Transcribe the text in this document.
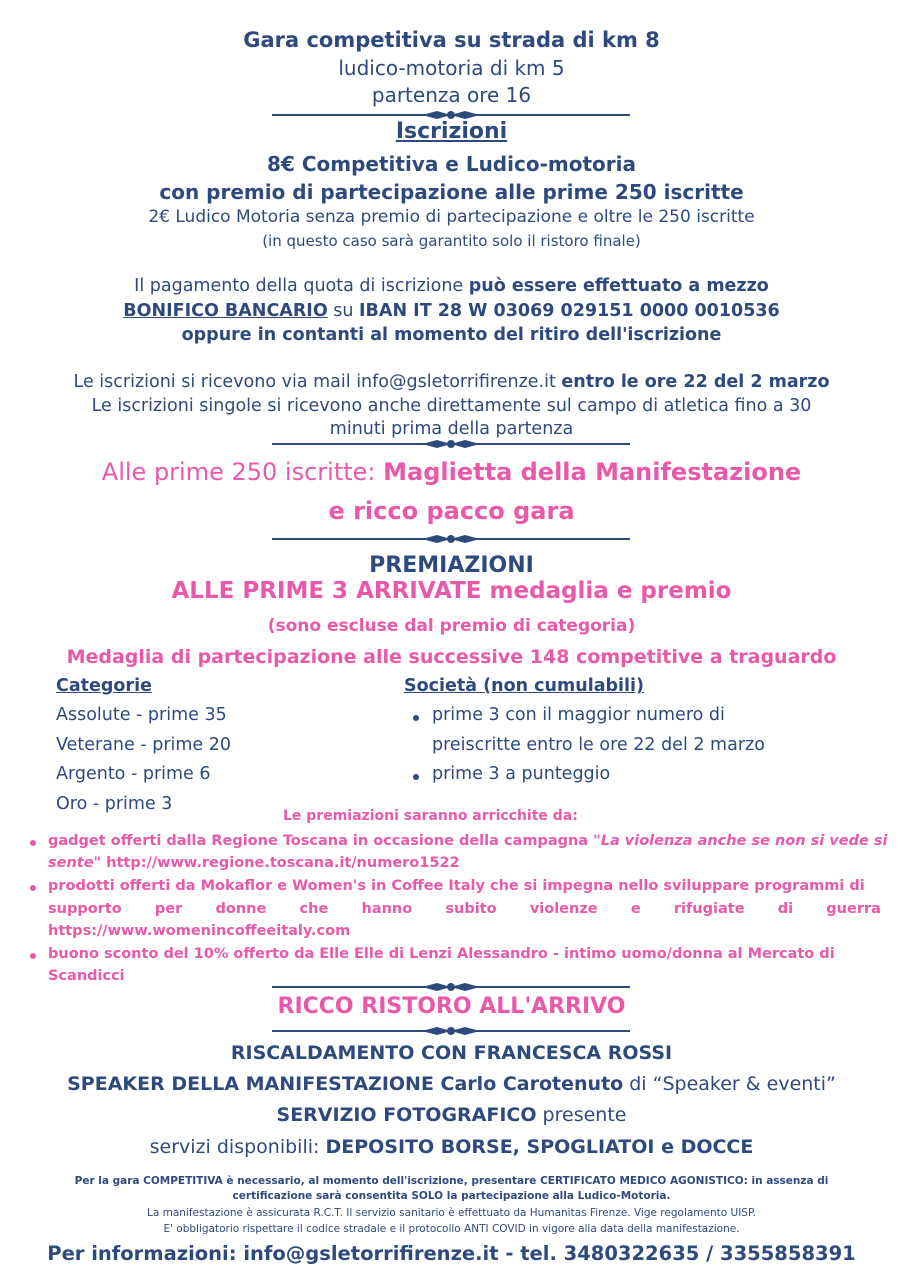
Gara competitiva su strada di km 8
ludico-motoria di km 5
partenza ore 16
Iscrizioni
8€ Competitiva e Ludico-motoria
con premio di partecipazione alle prime 250 iscritte
2€ Ludico Motoria senza premio di partecipazione e oltre le 250 iscritte
(in questo caso sarà garantito solo il ristoro finale)
Il pagamento della quota di iscrizione può essere effettuato a mezzo
BONIFICO BANCARIO su IBAN IT 28 W 03069 029151 0000 0010536
oppure in contanti al momento del ritiro dell'iscrizione
Le iscrizioni si ricevono via mail info@gsletorrifirenze.it entro le ore 22 del 2 marzo
Le iscrizioni singole si ricevono anche direttamente sul campo di atletica fino a 30
minuti prima della partenza
Alle prime 250 iscritte: Maglietta della Manifestazione
e ricco pacco gara
PREMIAZIONI
ALLE PRIME 3 ARRIVATE medaglia e premio
(sono escluse dal premio di categoria)
Medaglia di partecipazione alle successive 148 competitive a traguardo
Categorie
Assolute - prime 35
Veterane - prime 20
Argento - prime 6
Oro - prime 3
Società (non cumulabili)
prime 3 con il maggior numero di
preiscritte entro le ore 22 del 2 marzo
prime 3 a punteggio
Le premiazioni saranno arricchite da:
gadget offerti dalla Regione Toscana in occasione della campagna "La violenza anche se non si vede si
sente" http://www.regione.toscana.it/numero1522
prodotti offerti da Mokaflor e Women's in Coffee Italy che si impegna nello sviluppare programmi di
supporto per donne che hanno subito violenze e rifugiate di guerra
https://www.womenincoffeeitaly.com
buono sconto del 10% offerto da Elle Elle di Lenzi Alessandro - intimo uomo/donna al Mercato di
Scandicci
RICCO RISTORO ALL'ARRIVO
RISCALDAMENTO CON FRANCESCA ROSSI
SPEAKER DELLA MANIFESTAZIONE Carlo Carotenuto di “Speaker & eventi”
SERVIZIO FOTOGRAFICO presente
servizi disponibili: DEPOSITO BORSE, SPOGLIATOI e DOCCE
Per la gara COMPETITIVA è necessario, al momento dell'iscrizione, presentare CERTIFICATO MEDICO AGONISTICO: in assenza di
certificazione sarà consentita SOLO la partecipazione alla Ludico-Motoria.
La manifestazione è assicurata R.C.T. Il servizio sanitario è effettuato da Humanitas Firenze. Vige regolamento UISP.
E' obbligatorio rispettare il codice stradale e il protocollo ANTI COVID in vigore alla data della manifestazione.
Per informazioni: info@gsletorrifirenze.it - tel. 3480322635 / 3355858391
